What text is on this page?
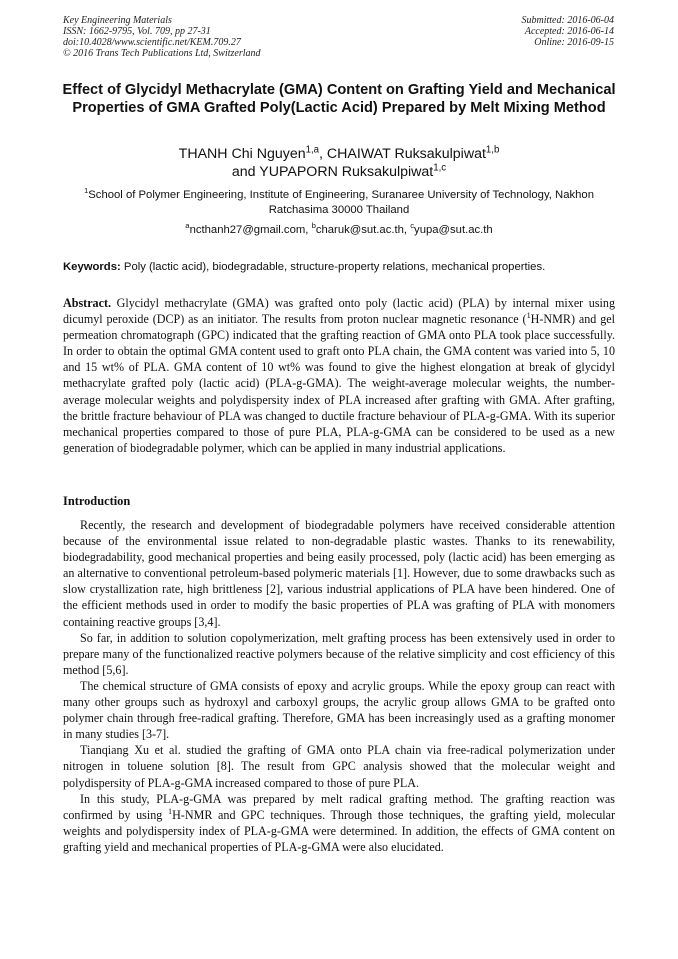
Key Engineering Materials
ISSN: 1662-9795, Vol. 709, pp 27-31
doi:10.4028/www.scientific.net/KEM.709.27
© 2016 Trans Tech Publications Ltd, Switzerland
Submitted: 2016-06-04
Accepted: 2016-06-14
Online: 2016-09-15
Effect of Glycidyl Methacrylate (GMA) Content on Grafting Yield and Mechanical Properties of GMA Grafted Poly(Lactic Acid) Prepared by Melt Mixing Method
THANH Chi Nguyen$^{1,a}$, CHAIWAT Ruksakulpiwat$^{1,b}$
and YUPAPORN Ruksakulpiwat$^{1,c}$
$^1$School of Polymer Engineering, Institute of Engineering, Suranaree University of Technology, Nakhon Ratchasima 30000 Thailand
$^a$ncthanh27@gmail.com, $^b$charuk@sut.ac.th, $^c$yupa@sut.ac.th
Keywords: Poly (lactic acid), biodegradable, structure-property relations, mechanical properties.
Abstract. Glycidyl methacrylate (GMA) was grafted onto poly (lactic acid) (PLA) by internal mixer using dicumyl peroxide (DCP) as an initiator. The results from proton nuclear magnetic resonance ($^1$H-NMR) and gel permeation chromatograph (GPC) indicated that the grafting reaction of GMA onto PLA took place successfully. In order to obtain the optimal GMA content used to graft onto PLA chain, the GMA content was varied into 5, 10 and 15 wt% of PLA. GMA content of 10 wt% was found to give the highest elongation at break of glycidyl methacrylate grafted poly (lactic acid) (PLA-g-GMA). The weight-average molecular weights, the number-average molecular weights and polydispersity index of PLA increased after grafting with GMA. After grafting, the brittle fracture behaviour of PLA was changed to ductile fracture behaviour of PLA-g-GMA. With its superior mechanical properties compared to those of pure PLA, PLA-g-GMA can be considered to be used as a new generation of biodegradable polymer, which can be applied in many industrial applications.
Introduction

Recently, the research and development of biodegradable polymers have received considerable attention because of the environmental issue related to non-degradable plastic wastes. Thanks to its renewability, biodegradability, good mechanical properties and being easily processed, poly (lactic acid) has been emerging as an alternative to conventional petroleum-based polymeric materials [1]. However, due to some drawbacks such as slow crystallization rate, high brittleness [2], various industrial applications of PLA have been hindered. One of the efficient methods used in order to modify the basic properties of PLA was grafting of PLA with monomers containing reactive groups [3,4].

So far, in addition to solution copolymerization, melt grafting process has been extensively used in order to prepare many of the functionalized reactive polymers because of the relative simplicity and cost efficiency of this method [5,6].

The chemical structure of GMA consists of epoxy and acrylic groups. While the epoxy group can react with many other groups such as hydroxyl and carboxyl groups, the acrylic group allows GMA to be grafted onto polymer chain through free-radical grafting. Therefore, GMA has been increasingly used as a grafting monomer in many studies [3-7].

Tianqiang Xu et al. studied the grafting of GMA onto PLA chain via free-radical polymerization under nitrogen in toluene solution [8]. The result from GPC analysis showed that the molecular weight and polydispersity of PLA-g-GMA increased compared to those of pure PLA.

In this study, PLA-g-GMA was prepared by melt radical grafting method. The grafting reaction was confirmed by using $^1$H-NMR and GPC techniques. Through those techniques, the grafting yield, molecular weights and polydispersity index of PLA-g-GMA were determined. In addition, the effects of GMA content on grafting yield and mechanical properties of PLA-g-GMA were also elucidated.
